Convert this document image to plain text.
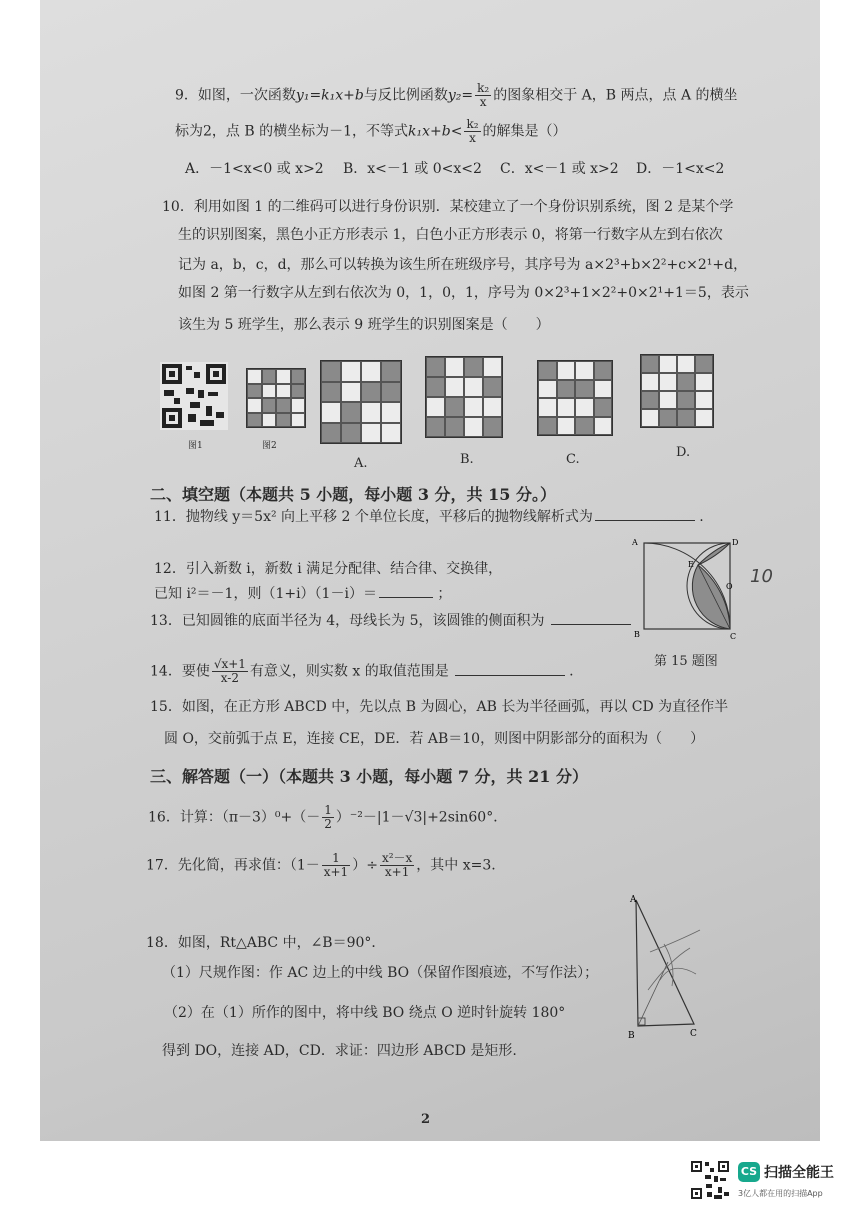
9．如图，一次函数y₁=k₁x+b与反比例函数$y_2= \frac{\text{k₂}}{x}$ 的图象相交于 A，B 两点，点 A 的横坐
标为2，点 B 的横坐标为－1，不等式$k_1x+b< \frac{\text{k₂}}{x}$ 的解集是（）
A．－1<x<0 或 x>2 B．x<－1 或 0<x<2 C．x<－1 或 x>2 D．－1<x<2
10．利用如图 1 的二维码可以进行身份识别．某校建立了一个身份识别系统，图 2 是某个学
生的识别图案，黑色小正方形表示 1，白色小正方形表示 0，将第一行数字从左到右依次
记为 a，b，c，d，那么可以转换为该生所在班级序号，其序号为 a×2³+b×2²+c×2¹+d，
如图 2 第一行数字从左到右依次为 0，1，0，1，序号为 0×2³+1×2²+0×2¹+1＝5，表示
该生为 5 班学生，那么表示 9 班学生的识别图案是（　　）
图1	图2
A.	B.	C.	D.
二、填空题（本题共 5 小题，每小题 3 分，共 15 分。）
11．抛物线 y＝5x² 向上平移 2 个单位长度，平移后的抛物线解析式为	.
12．引入新数 i，新数 i 满足分配律、结合律、交换律，
已知 i²＝－1，则（1+i）（1－i）＝	；
13．已知圆锥的底面半径为 4，母线长为 5，该圆锥的侧面积为
14．要使 $\frac{√x+1}{x-2}$ 有意义，则实数 x 的取值范围是	.
A	D
B	C
E
O 10
第 15 题图
15．如图，在正方形 ABCD 中，先以点 B 为圆心，AB 长为半径画弧，再以 CD 为直径作半
圆 O，交前弧于点 E，连接 CE，DE．若 AB＝10，则图中阴影部分的面积为（　　）
三、解答题（一）（本题共 3 小题，每小题 7 分，共 21 分）
16．计算：$(\pi-3)^0+(- \frac{1}{2} )^{-2}-|1-√3|+2\sin 60^\circ$．
17．先化简，再求值：（$1- \frac{1}{x+1}$ ）÷ $\frac{\text{x²－x}}{x+1}$ ，其中 x=3.
18．如图，Rt△ABC 中，∠B＝90°．
（1）尺规作图：作 AC 边上的中线 BO（保留作图痕迹，不写作法）；
（2）在（1）所作的图中，将中线 BO 绕点 O 逆时针旋转 180°
得到 DO，连接 AD，CD．求证：四边形 ABCD 是矩形.
A
B	C
2
CS 扫描全能王
3亿人都在用的扫描App
